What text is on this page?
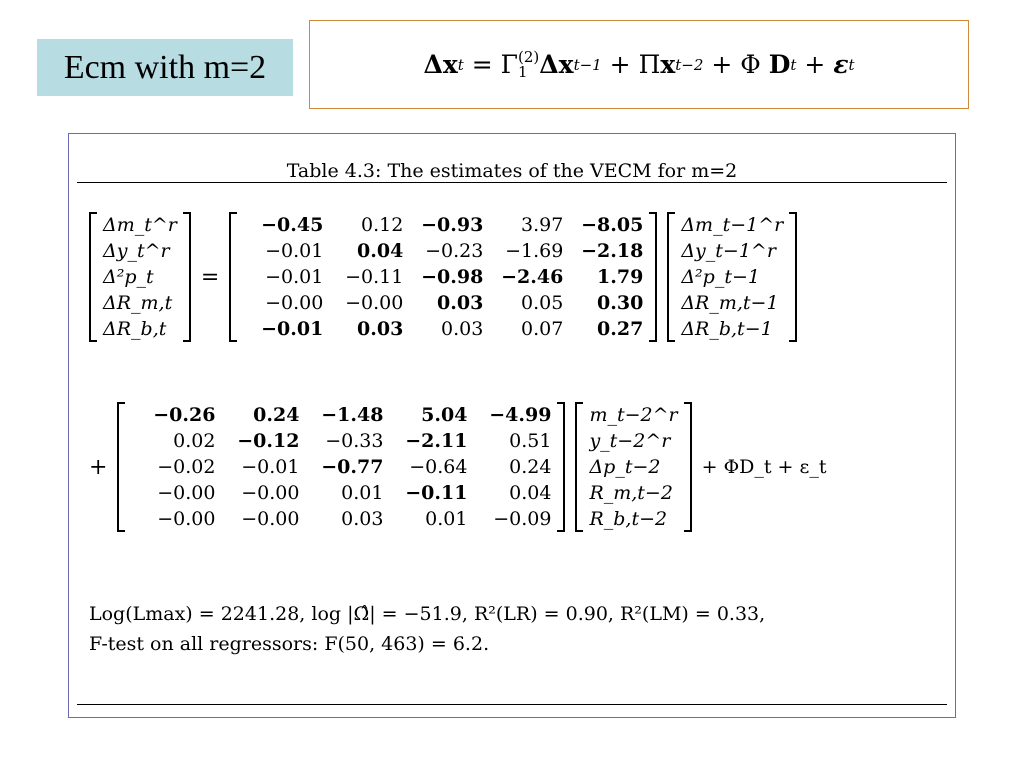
Ecm with m=2	Δx t
=
Γ (2)
1 Δx t−1
+
Π x t−2
+
Φ
D t
+
ε t
Table 4.3: The estimates of the VECM for m=2
Δm_t^r
Δy_t^r
Δ²p_t
ΔR_m,t
ΔR_b,t
=
−0.45	0.12 −0.93	3.97 −8.05
−0.01	0.04	−0.23	−1.69 −2.18
−0.01	−0.11 −0.98 −2.46	1.79
−0.00	−0.00	0.03	0.05	0.30
−0.01	0.03	0.03	0.07	0.27
Δm_t−1^r
Δy_t−1^r
Δ²p_t−1
ΔR_m,t−1
ΔR_b,t−1
+
−0.26	0.24	−1.48	5.04	−4.99
0.02	−0.12	−0.33	−2.11	0.51
−0.02	−0.01	−0.77	−0.64	0.24
−0.00	−0.00	0.01	−0.11	0.04
−0.00	−0.00	0.03	0.01	−0.09
m_t−2^r
y_t−2^r
Δp_t−2
R_m,t−2
R_b,t−2
+ ΦD_t + ε_t
Log(Lmax) = 2241.28, log |Ω̂| = −51.9, R²(LR) = 0.90, R²(LM) = 0.33,
F-test on all regressors: F(50, 463) = 6.2.
